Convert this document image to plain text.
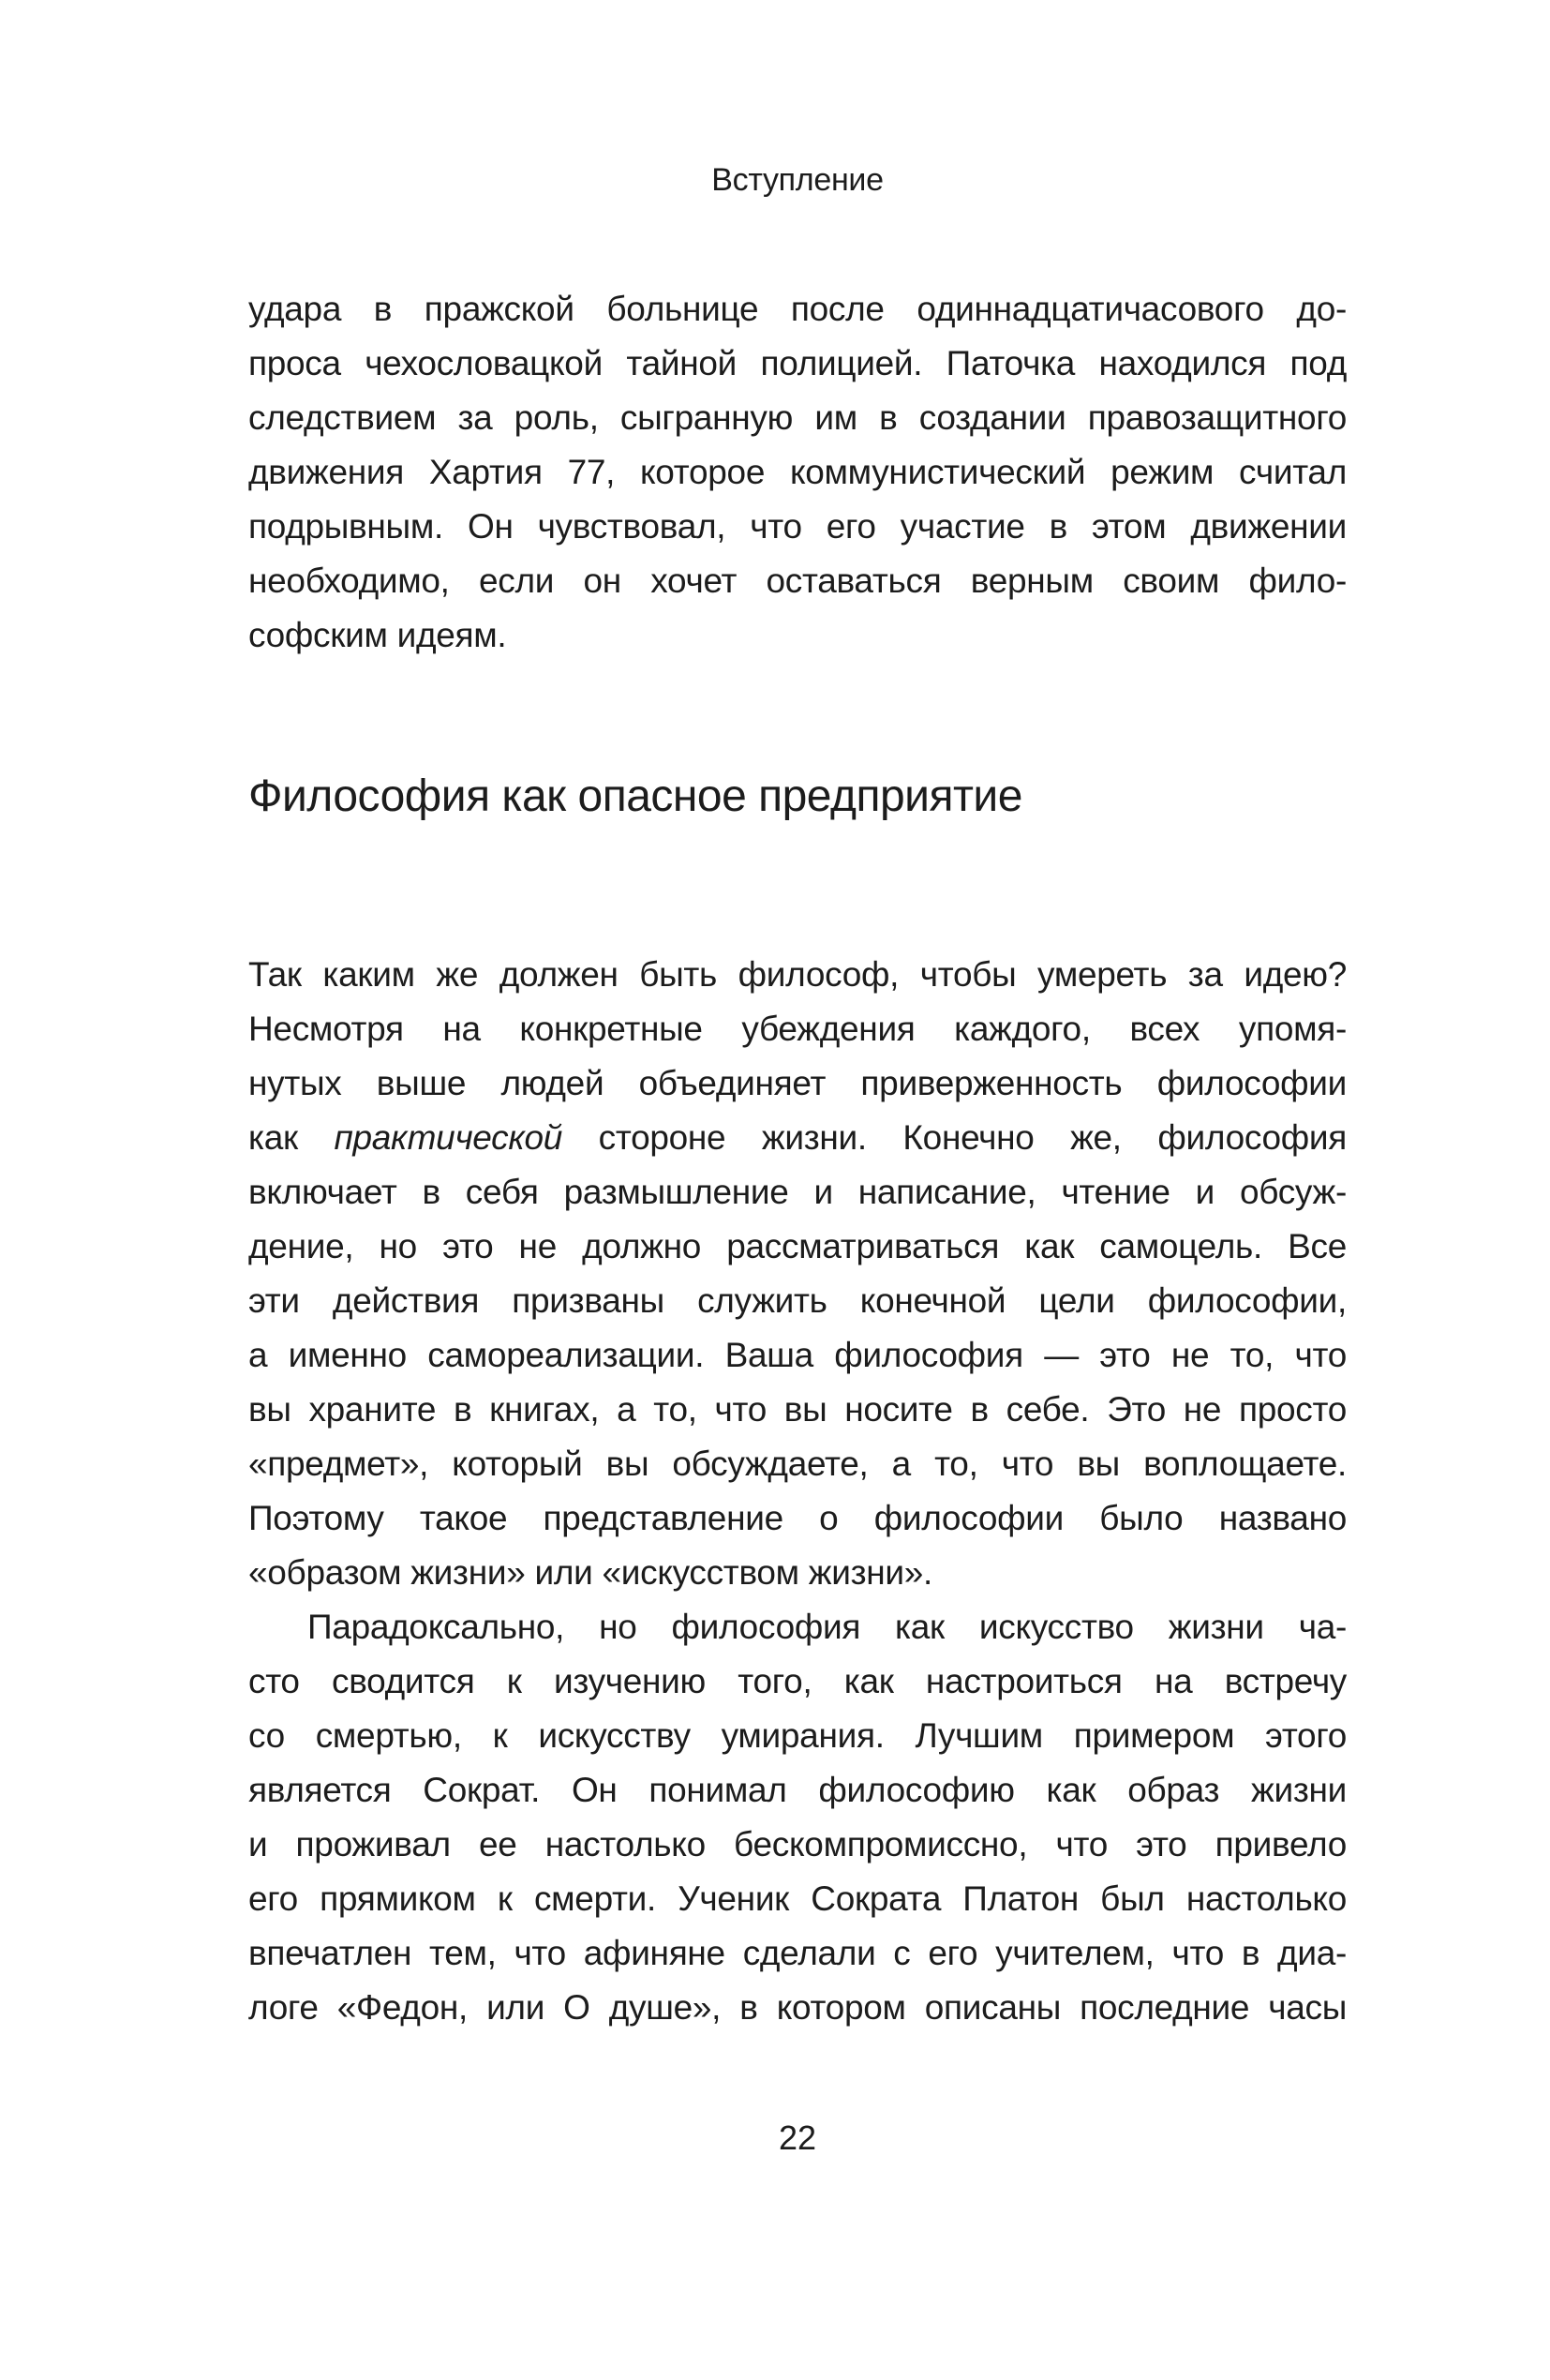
Вступление
удара в пражской больнице после одиннадцатичасового до-
проса чехословацкой тайной полицией. Паточка находился под
следствием за роль, сыгранную им в создании правозащитного
движения Хартия 77, которое коммунистический режим считал
подрывным. Он чувствовал, что его участие в этом движении
необходимо, если он хочет оставаться верным своим фило-
софским идеям.
Философия как опасное предприятие
Так каким же должен быть философ, чтобы умереть за идею?
Несмотря на конкретные убеждения каждого, всех упомя-
нутых выше людей объединяет приверженность философии
как практической стороне жизни. Конечно же, философия
включает в себя размышление и написание, чтение и обсуж-
дение, но это не должно рассматриваться как самоцель. Все
эти действия призваны служить конечной цели философии,
а именно самореализации. Ваша философия — это не то, что
вы храните в книгах, а то, что вы носите в себе. Это не просто
«предмет», который вы обсуждаете, а то, что вы воплощаете.
Поэтому такое представление о философии было названо
«образом жизни» или «искусством жизни».
Парадоксально, но философия как искусство жизни ча-
сто сводится к изучению того, как настроиться на встречу
со смертью, к искусству умирания. Лучшим примером этого
является Сократ. Он понимал философию как образ жизни
и проживал ее настолько бескомпромиссно, что это привело
его прямиком к смерти. Ученик Сократа Платон был настолько
впечатлен тем, что афиняне сделали с его учителем, что в диа-
логе «Федон, или О душе», в котором описаны последние часы
22
